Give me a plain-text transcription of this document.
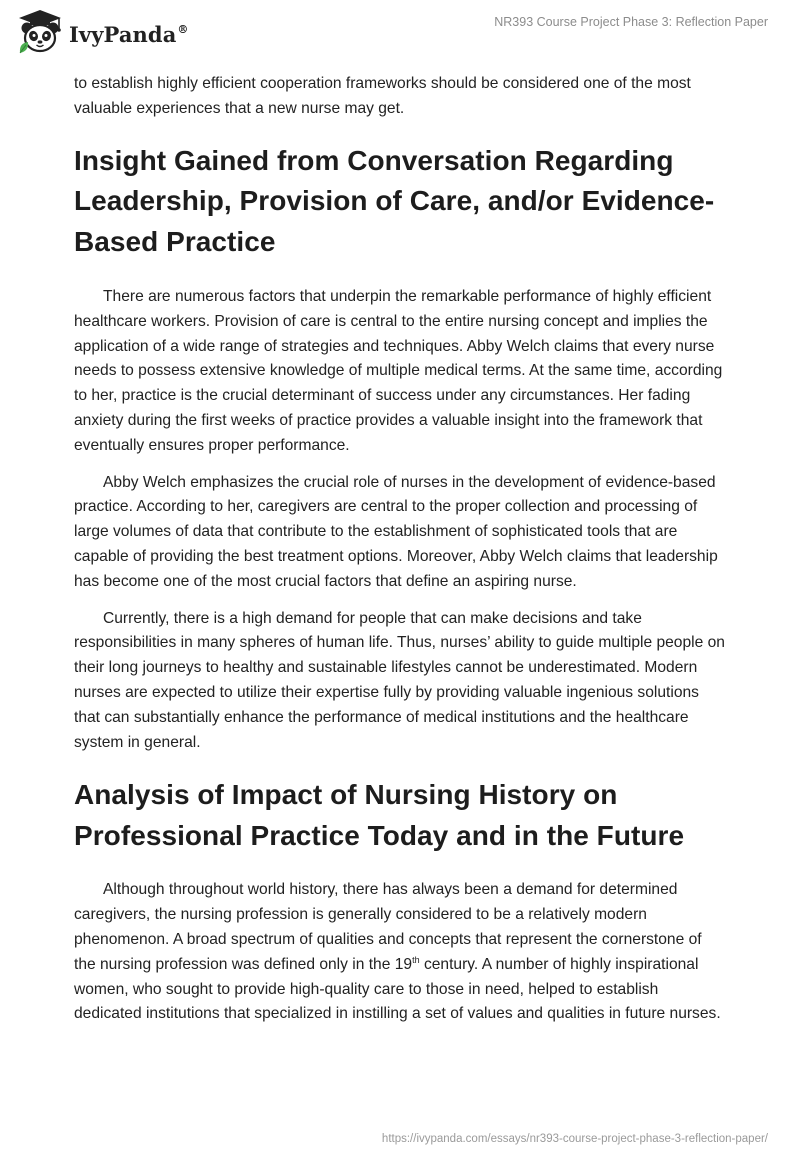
IvyPanda®	NR393 Course Project Phase 3: Reflection Paper

to establish highly efficient cooperation frameworks should be considered one of the most valuable experiences that a new nurse may get.

Insight Gained from Conversation Regarding Leadership, Provision of Care, and/or Evidence-Based Practice

There are numerous factors that underpin the remarkable performance of highly efficient healthcare workers. Provision of care is central to the entire nursing concept and implies the application of a wide range of strategies and techniques. Abby Welch claims that every nurse needs to possess extensive knowledge of multiple medical terms. At the same time, according to her, practice is the crucial determinant of success under any circumstances. Her fading anxiety during the first weeks of practice provides a valuable insight into the framework that eventually ensures proper performance.

Abby Welch emphasizes the crucial role of nurses in the development of evidence-based practice. According to her, caregivers are central to the proper collection and processing of large volumes of data that contribute to the establishment of sophisticated tools that are capable of providing the best treatment options. Moreover, Abby Welch claims that leadership has become one of the most crucial factors that define an aspiring nurse.

Currently, there is a high demand for people that can make decisions and take responsibilities in many spheres of human life. Thus, nurses’ ability to guide multiple people on their long journeys to healthy and sustainable lifestyles cannot be underestimated. Modern nurses are expected to utilize their expertise fully by providing valuable ingenious solutions that can substantially enhance the performance of medical institutions and the healthcare system in general.

Analysis of Impact of Nursing History on Professional Practice Today and in the Future

Although throughout world history, there has always been a demand for determined caregivers, the nursing profession is generally considered to be a relatively modern phenomenon. A broad spectrum of qualities and concepts that represent the cornerstone of the nursing profession was defined only in the 19th century. A number of highly inspirational women, who sought to provide high-quality care to those in need, helped to establish dedicated institutions that specialized in instilling a set of values and qualities in future nurses.

https://ivypanda.com/essays/nr393-course-project-phase-3-reflection-paper/
